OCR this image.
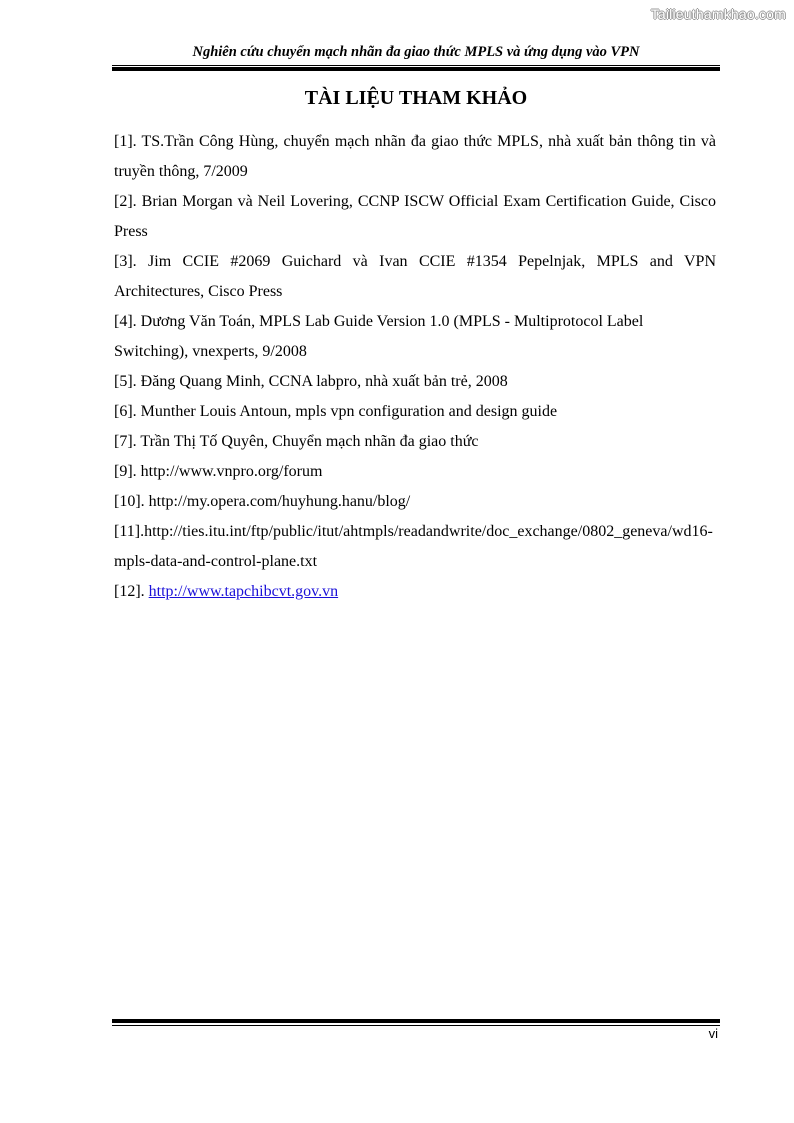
Tailieuthamkhao.com
Nghiên cứu chuyển mạch nhãn đa giao thức MPLS và ứng dụng vào VPN
TÀI LIỆU THAM KHẢO

[1]. TS.Trần Công Hùng, chuyển mạch nhãn đa giao thức MPLS, nhà xuất bản thông tin và truyền thông, 7/2009

[2]. Brian Morgan và Neil Lovering, CCNP ISCW Official Exam Certification Guide, Cisco Press

[3]. Jim CCIE #2069 Guichard và Ivan CCIE #1354 Pepelnjak, MPLS and VPN Architectures, Cisco Press

[4]. Dương Văn Toán, MPLS Lab Guide Version 1.0 (MPLS - Multiprotocol Label Switching), vnexperts, 9/2008

[5]. Đăng Quang Minh, CCNA labpro, nhà xuất bản trẻ, 2008

[6]. Munther Louis Antoun, mpls vpn configuration and design guide

[7]. Trần Thị Tố Quyên, Chuyển mạch nhãn đa giao thức

[9]. http://www.vnpro.org/forum

[10]. http://my.opera.com/huyhung.hanu/blog/

[11].http://ties.itu.int/ftp/public/itut/ahtmpls/readandwrite/doc_exchange/0802_geneva/wd16-mpls-data-and-control-plane.txt

[12]. http://www.tapchibcvt.gov.vn

vi
